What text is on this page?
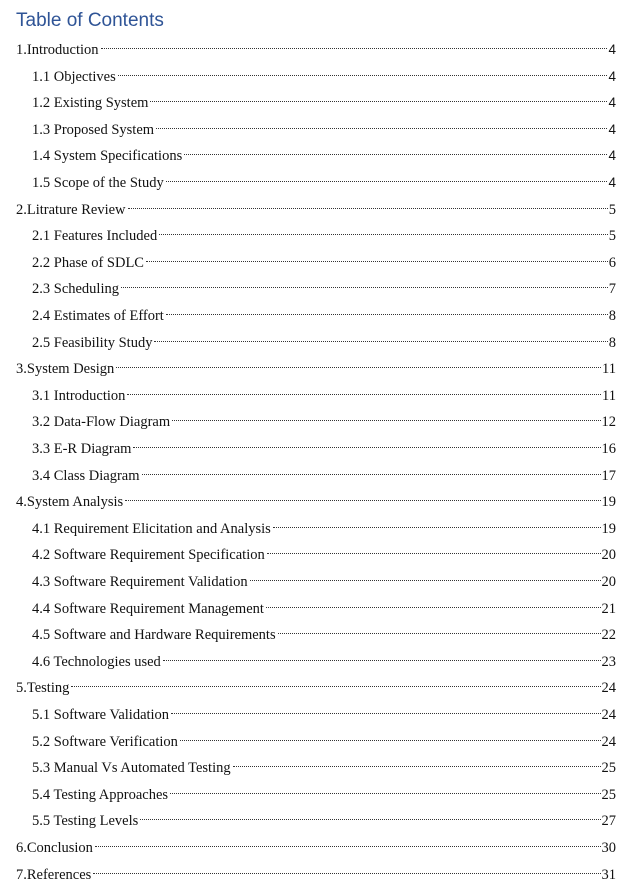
Table of Contents
1.Introduction	4
1.1 Objectives	4
1.2 Existing System	4
1.3 Proposed System	4
1.4 System Specifications	4
1.5 Scope of the Study	4
2.Litrature Review	5
2.1 Features Included	5
2.2 Phase of SDLC	6
2.3 Scheduling	7
2.4 Estimates of Effort	8
2.5 Feasibility Study	8
3.System Design	11
3.1 Introduction	11
3.2 Data-Flow Diagram	12
3.3 E-R Diagram	16
3.4 Class Diagram	17
4.System Analysis	19
4.1 Requirement Elicitation and Analysis	19
4.2 Software Requirement Specification	20
4.3 Software Requirement Validation	20
4.4 Software Requirement Management	21
4.5 Software and Hardware Requirements	22
4.6 Technologies used	23
5.Testing	24
5.1 Software Validation	24
5.2 Software Verification	24
5.3 Manual Vs Automated Testing	25
5.4 Testing Approaches	25
5.5 Testing Levels	27
6.Conclusion	30
7.References	31
